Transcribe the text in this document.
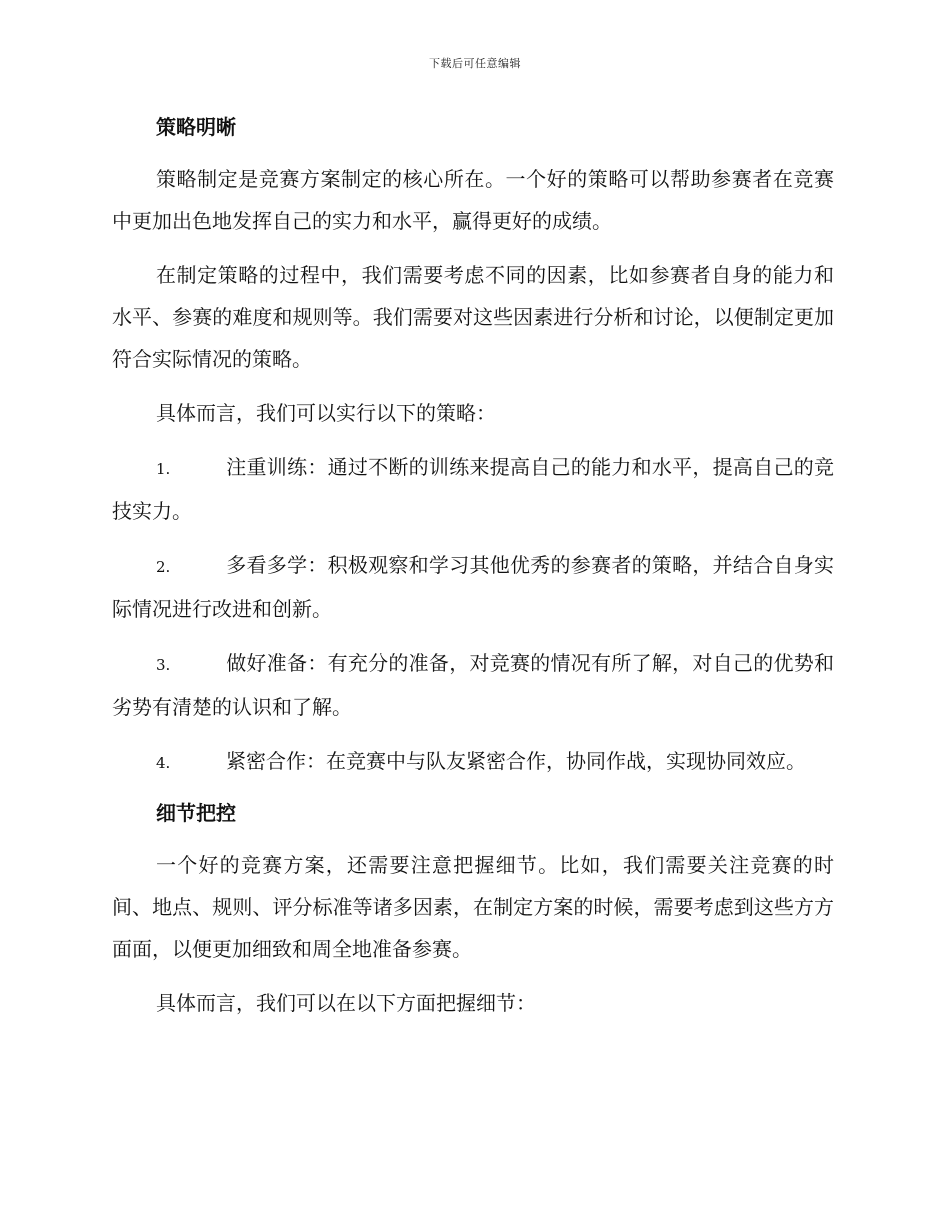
下载后可任意编辑
策略明晰

策略制定是竞赛方案制定的核心所在。一个好的策略可以帮助参赛者在竞赛中更加出色地发挥自己的实力和水平，赢得更好的成绩。

在制定策略的过程中，我们需要考虑不同的因素，比如参赛者自身的能力和水平、参赛的难度和规则等。我们需要对这些因素进行分析和讨论，以便制定更加符合实际情况的策略。

具体而言，我们可以实行以下的策略：

1.	注重训练：通过不断的训练来提高自己的能力和水平，提高自己的竞技实力。

2.	多看多学：积极观察和学习其他优秀的参赛者的策略，并结合自身实际情况进行改进和创新。

3.	做好准备：有充分的准备，对竞赛的情况有所了解，对自己的优势和劣势有清楚的认识和了解。

4.	紧密合作：在竞赛中与队友紧密合作，协同作战，实现协同效应。

细节把控

一个好的竞赛方案，还需要注意把握细节。比如，我们需要关注竞赛的时间、地点、规则、评分标准等诸多因素，在制定方案的时候，需要考虑到这些方方面面，以便更加细致和周全地准备参赛。

具体而言，我们可以在以下方面把握细节：
